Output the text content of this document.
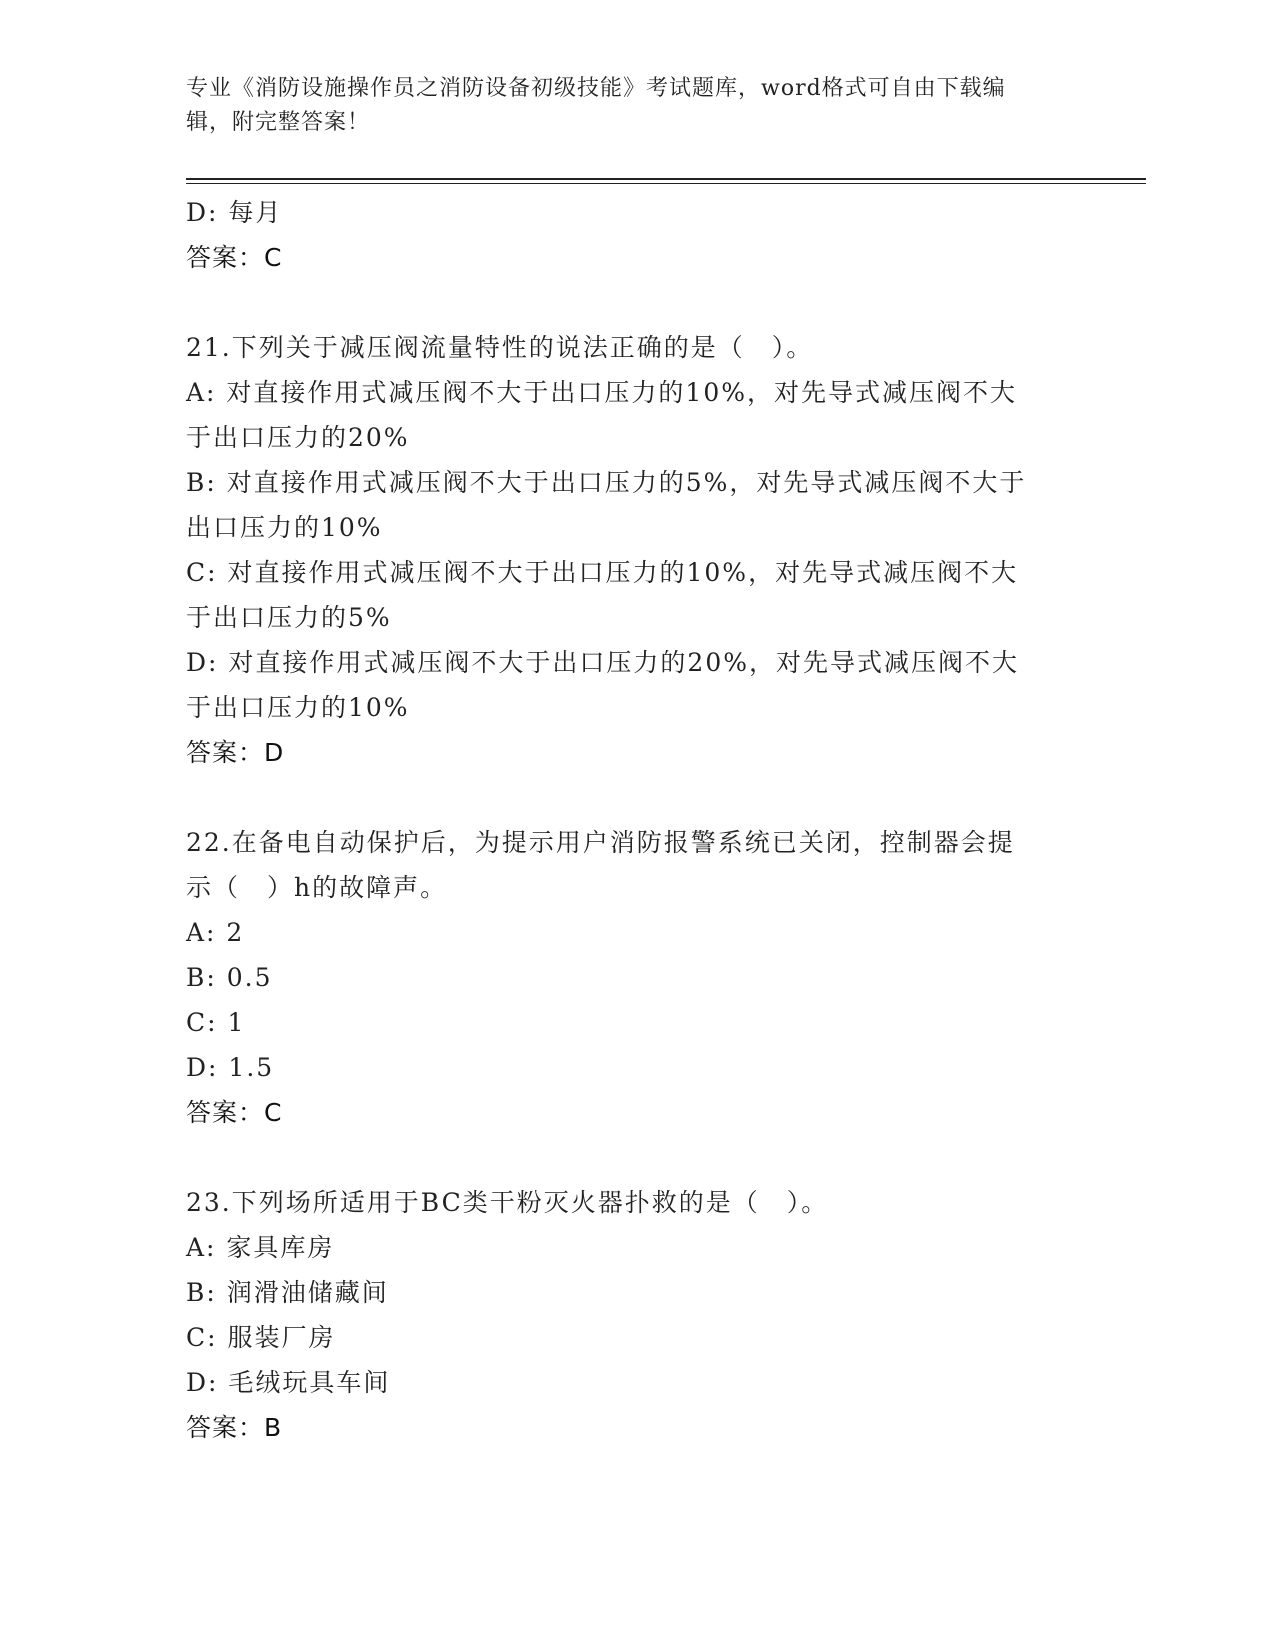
专业《消防设施操作员之消防设备初级技能》考试题库，word格式可自由下载编
辑，附完整答案！
D: 每月
答案：C
21.下列关于减压阀流量特性的说法正确的是（　）。
A: 对直接作用式减压阀不大于出口压力的10%，对先导式减压阀不大
于出口压力的20%
B: 对直接作用式减压阀不大于出口压力的5%，对先导式减压阀不大于
出口压力的10%
C: 对直接作用式减压阀不大于出口压力的10%，对先导式减压阀不大
于出口压力的5%
D: 对直接作用式减压阀不大于出口压力的20%，对先导式减压阀不大
于出口压力的10%
答案：D
22.在备电自动保护后，为提示用户消防报警系统已关闭，控制器会提
示（　）h的故障声。
A: 2
B: 0.5
C: 1
D: 1.5
答案：C
23.下列场所适用于BC类干粉灭火器扑救的是（　）。
A: 家具库房
B: 润滑油储藏间
C: 服装厂房
D: 毛绒玩具车间
答案：B
